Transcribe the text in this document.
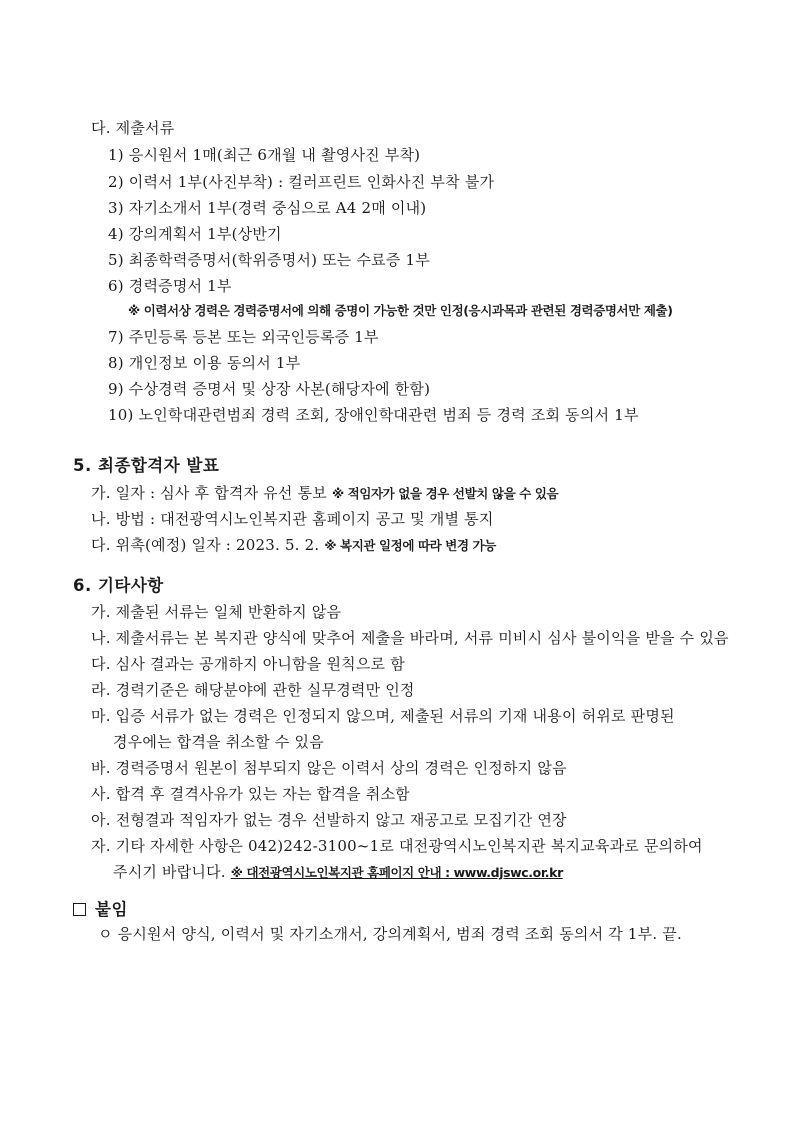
다. 제출서류
1) 응시원서 1매(최근 6개월 내 촬영사진 부착)
2) 이력서 1부(사진부착) : 컬러프린트 인화사진 부착 불가
3) 자기소개서 1부(경력 중심으로 A4 2매 이내)
4) 강의계획서 1부(상반기
5) 최종학력증명서(학위증명서) 또는 수료증 1부
6) 경력증명서 1부
※ 이력서상 경력은 경력증명서에 의해 증명이 가능한 것만 인정(응시과목과 관련된 경력증명서만 제출)
7) 주민등록 등본 또는 외국인등록증 1부
8) 개인정보 이용 동의서 1부
9) 수상경력 증명서 및 상장 사본(해당자에 한함)
10) 노인학대관련범죄 경력 조회, 장애인학대관련 범죄 등 경력 조회 동의서 1부
5. 최종합격자 발표
가. 일자 : 심사 후 합격자 유선 통보 ※ 적임자가 없을 경우 선발치 않을 수 있음
나. 방법 : 대전광역시노인복지관 홈페이지 공고 및 개별 통지
다. 위촉(예정) 일자 : 2023. 5. 2. ※ 복지관 일정에 따라 변경 가능
6. 기타사항
가. 제출된 서류는 일체 반환하지 않음
나. 제출서류는 본 복지관 양식에 맞추어 제출을 바라며, 서류 미비시 심사 불이익을 받을 수 있음
다. 심사 결과는 공개하지 아니함을 원칙으로 함
라. 경력기준은 해당분야에 관한 실무경력만 인정
마. 입증 서류가 없는 경력은 인정되지 않으며, 제출된 서류의 기재 내용이 허위로 판명된
경우에는 합격을 취소할 수 있음
바. 경력증명서 원본이 첨부되지 않은 이력서 상의 경력은 인정하지 않음
사. 합격 후 결격사유가 있는 자는 합격을 취소함
아. 전형결과 적임자가 없는 경우 선발하지 않고 재공고로 모집기간 연장
자. 기타 자세한 사항은 042)242-3100~1로 대전광역시노인복지관 복지교육과로 문의하여
주시기 바랍니다. ※ 대전광역시노인복지관 홈페이지 안내 : www.djswc.or.kr
붙임
ㅇ 응시원서 양식, 이력서 및 자기소개서, 강의계획서, 범죄 경력 조회 동의서 각 1부. 끝.
